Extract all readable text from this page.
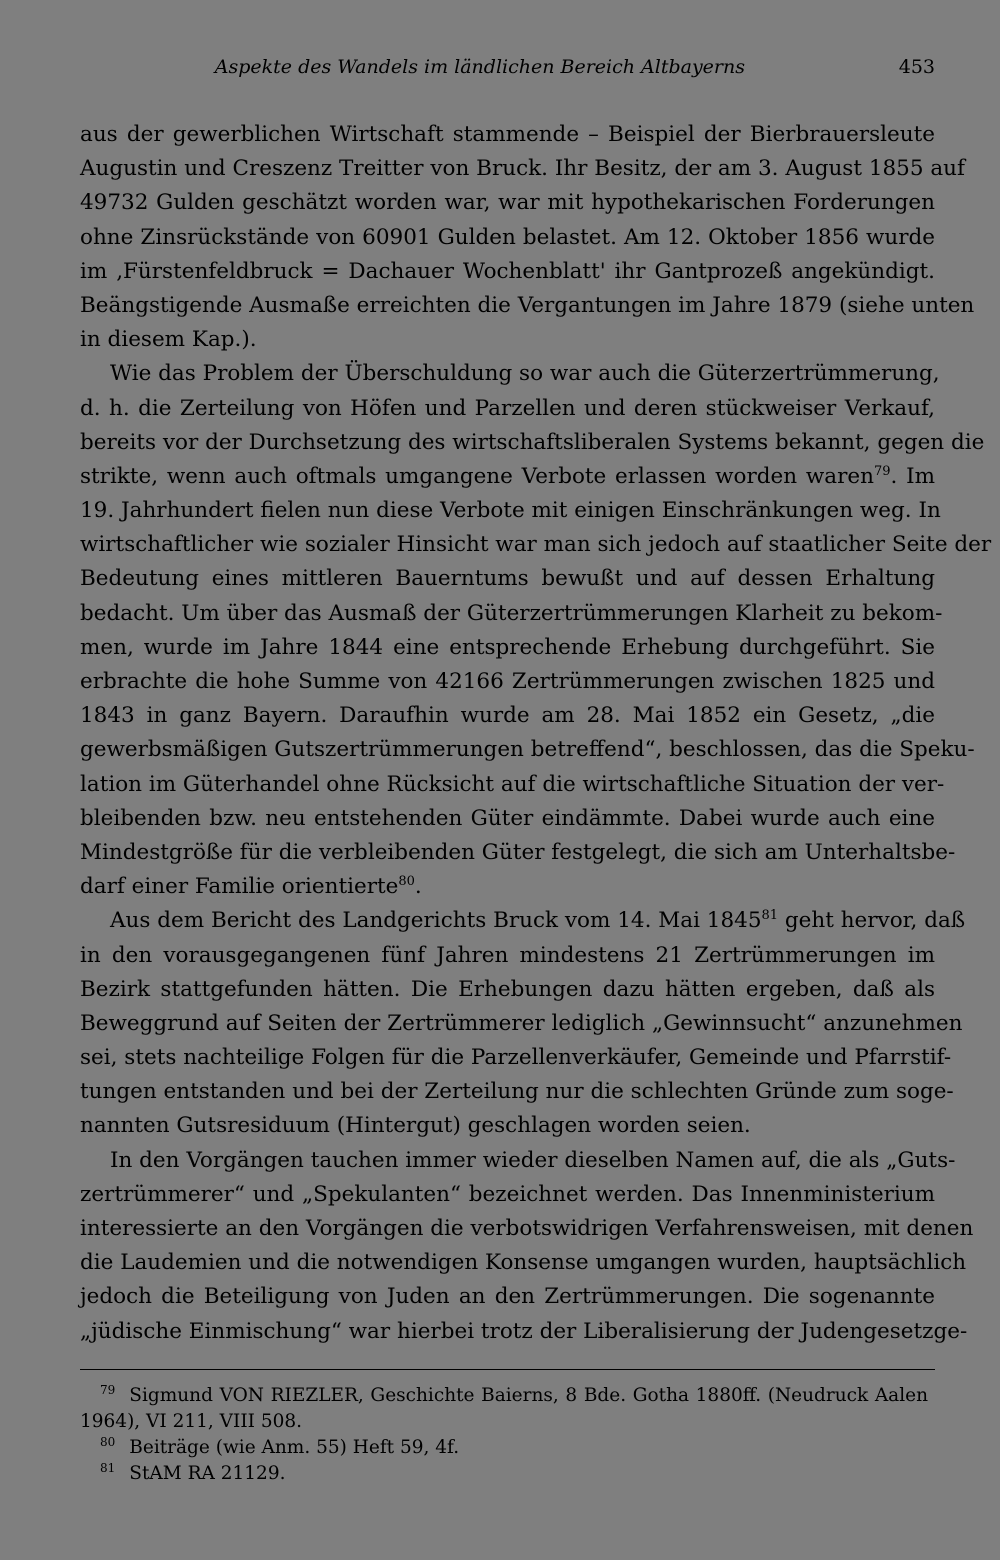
Aspekte des Wandels im ländlichen Bereich Altbayerns	453
aus der gewerblichen Wirtschaft stammende – Beispiel der Bierbrauersleute
Augustin und Creszenz Treitter von Bruck. Ihr Besitz, der am 3. August 1855 auf
49732 Gulden geschätzt worden war, war mit hypothekarischen Forderungen
ohne Zinsrückstände von 60901 Gulden belastet. Am 12. Oktober 1856 wurde
im ‚Fürstenfeldbruck = Dachauer Wochenblatt' ihr Gantprozeß angekündigt.
Beängstigende Ausmaße erreichten die Vergantungen im Jahre 1879 (siehe unten
in diesem Kap.).
Wie das Problem der Überschuldung so war auch die Güterzertrümmerung,
d. h. die Zerteilung von Höfen und Parzellen und deren stückweiser Verkauf,
bereits vor der Durchsetzung des wirtschaftsliberalen Systems bekannt, gegen die
strikte, wenn auch oftmals umgangene Verbote erlassen worden waren$^{79}$. Im
19. Jahrhundert fielen nun diese Verbote mit einigen Einschränkungen weg. In
wirtschaftlicher wie sozialer Hinsicht war man sich jedoch auf staatlicher Seite der
Bedeutung eines mittleren Bauerntums bewußt und auf dessen Erhaltung
bedacht. Um über das Ausmaß der Güterzertrümmerungen Klarheit zu bekom-
men, wurde im Jahre 1844 eine entsprechende Erhebung durchgeführt. Sie
erbrachte die hohe Summe von 42166 Zertrümmerungen zwischen 1825 und
1843 in ganz Bayern. Daraufhin wurde am 28. Mai 1852 ein Gesetz, „die
gewerbsmäßigen Gutszertrümmerungen betreffend“, beschlossen, das die Speku-
lation im Güterhandel ohne Rücksicht auf die wirtschaftliche Situation der ver-
bleibenden bzw. neu entstehenden Güter eindämmte. Dabei wurde auch eine
Mindestgröße für die verbleibenden Güter festgelegt, die sich am Unterhaltsbe-
darf einer Familie orientierte$^{80}$.
Aus dem Bericht des Landgerichts Bruck vom 14. Mai 1845$^{81}$ geht hervor, daß
in den vorausgegangenen fünf Jahren mindestens 21 Zertrümmerungen im
Bezirk stattgefunden hätten. Die Erhebungen dazu hätten ergeben, daß als
Beweggrund auf Seiten der Zertrümmerer lediglich „Gewinnsucht“ anzunehmen
sei, stets nachteilige Folgen für die Parzellenverkäufer, Gemeinde und Pfarrstif-
tungen entstanden und bei der Zerteilung nur die schlechten Gründe zum soge-
nannten Gutsresiduum (Hintergut) geschlagen worden seien.
In den Vorgängen tauchen immer wieder dieselben Namen auf, die als „Guts-
zertrümmerer“ und „Spekulanten“ bezeichnet werden. Das Innenministerium
interessierte an den Vorgängen die verbotswidrigen Verfahrensweisen, mit denen
die Laudemien und die notwendigen Konsense umgangen wurden, hauptsächlich
jedoch die Beteiligung von Juden an den Zertrümmerungen. Die sogenannte
„jüdische Einmischung“ war hierbei trotz der Liberalisierung der Judengesetzge-
$^{79}$ Sigmund VON RIEZLER, Geschichte Baierns, 8 Bde. Gotha 1880ff. (Neudruck Aalen
1964), VI 211, VIII 508.
$^{80}$ Beiträge (wie Anm. 55) Heft 59, 4f.
$^{81}$ StAM RA 21129.
